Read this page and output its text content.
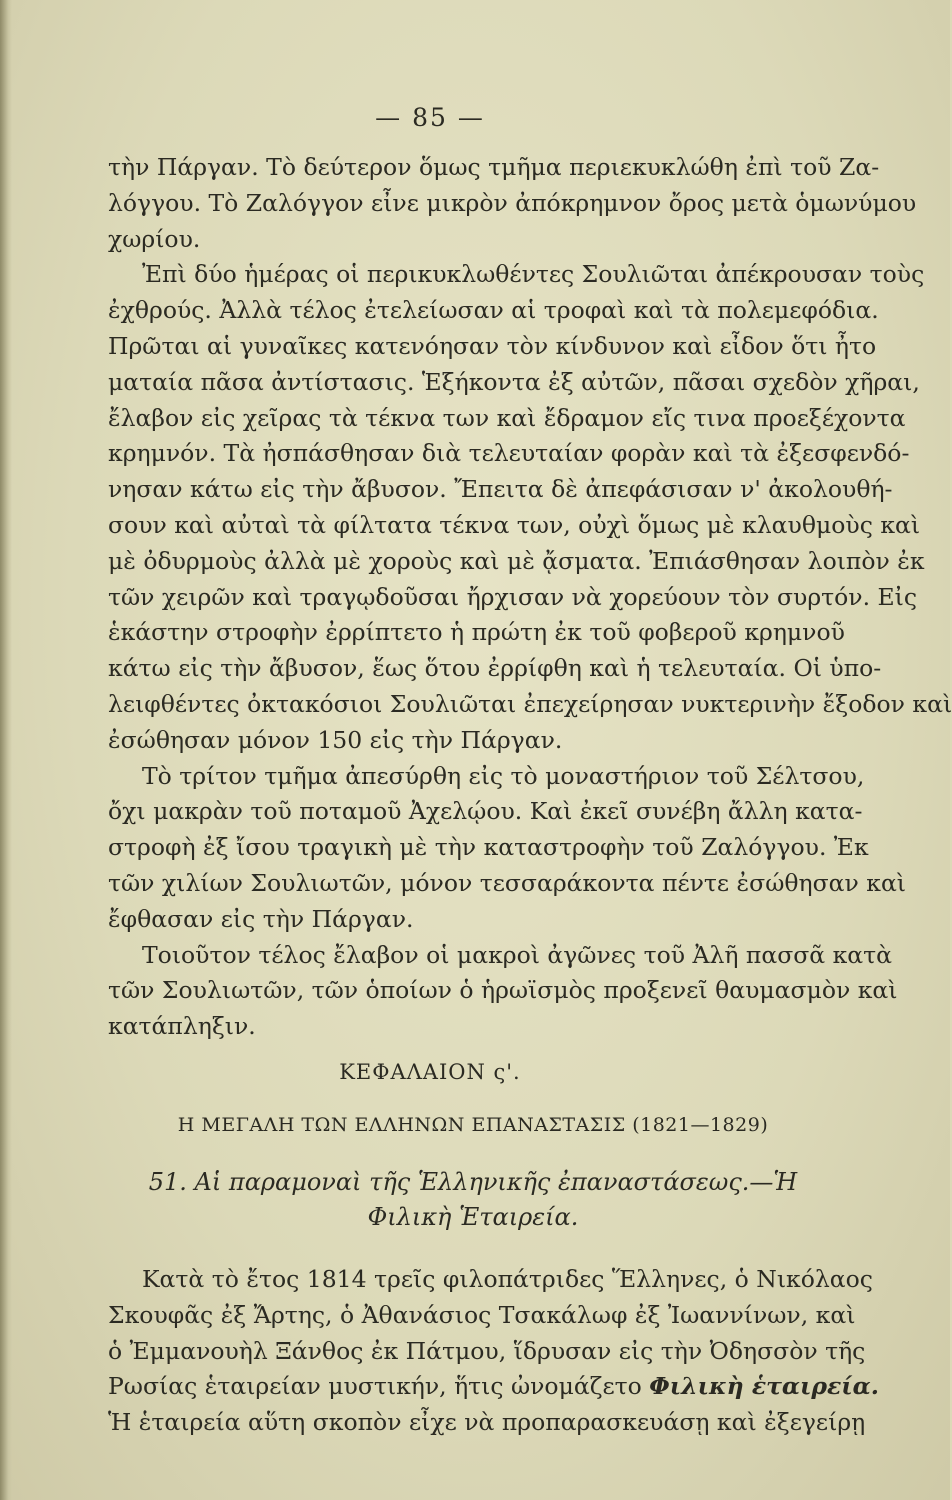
— 85 —

τὴν Πάργαν. Τὸ δεύτερον ὅμως τμῆμα περιεκυκλώθη ἐπὶ τοῦ Ζα-
λόγγου. Τὸ Ζαλόγγον εἶνε μικρὸν ἀπόκρημνον ὄρος μετὰ ὁμωνύμου
χωρίου.

Ἐπὶ δύο ἡμέρας οἱ περικυκλωθέντες Σουλιῶται ἀπέκρουσαν τοὺς
ἐχθρούς. Ἀλλὰ τέλος ἐτελείωσαν αἱ τροφαὶ καὶ τὰ πολεμεφόδια.
Πρῶται αἱ γυναῖκες κατενόησαν τὸν κίνδυνον καὶ εἶδον ὅτι ἦτο
ματαία πᾶσα ἀντίστασις. Ἑξήκοντα ἐξ αὐτῶν, πᾶσαι σχεδὸν χῆραι,
ἔλαβον εἰς χεῖρας τὰ τέκνα των καὶ ἔδραμον εἴς τινα προεξέχοντα
κρημνόν. Τὰ ἠσπάσθησαν διὰ τελευταίαν φορὰν καὶ τὰ ἐξεσφενδό-
νησαν κάτω εἰς τὴν ἄβυσον. Ἔπειτα δὲ ἀπεφάσισαν ν' ἀκολουθή-
σουν καὶ αὐταὶ τὰ φίλτατα τέκνα των, οὐχὶ ὅμως μὲ κλαυθμοὺς καὶ
μὲ ὀδυρμοὺς ἀλλὰ μὲ χοροὺς καὶ μὲ ᾄσματα. Ἐπιάσθησαν λοιπὸν ἐκ
τῶν χειρῶν καὶ τραγῳδοῦσαι ἤρχισαν νὰ χορεύουν τὸν συρτόν. Εἰς
ἑκάστην στροφὴν ἐρρίπτετο ἡ πρώτη ἐκ τοῦ φοβεροῦ κρημνοῦ
κάτω εἰς τὴν ἄβυσον, ἕως ὅτου ἐρρίφθη καὶ ἡ τελευταία. Οἱ ὑπο-
λειφθέντες ὀκτακόσιοι Σουλιῶται ἐπεχείρησαν νυκτερινὴν ἔξοδον καὶ
ἐσώθησαν μόνον 150 εἰς τὴν Πάργαν.

Τὸ τρίτον τμῆμα ἀπεσύρθη εἰς τὸ μοναστήριον τοῦ Σέλτσου,
ὄχι μακρὰν τοῦ ποταμοῦ Ἀχελῴου. Καὶ ἐκεῖ συνέβη ἄλλη κατα-
στροφὴ ἐξ ἴσου τραγικὴ μὲ τὴν καταστροφὴν τοῦ Ζαλόγγου. Ἐκ
τῶν χιλίων Σουλιωτῶν, μόνον τεσσαράκοντα πέντε ἐσώθησαν καὶ
ἔφθασαν εἰς τὴν Πάργαν.

Τοιοῦτον τέλος ἔλαβον οἱ μακροὶ ἀγῶνες τοῦ Ἀλῆ πασσᾶ κατὰ
τῶν Σουλιωτῶν, τῶν ὁποίων ὁ ἡρωϊσμὸς προξενεῖ θαυμασμὸν καὶ
κατάπληξιν.

ΚΕΦΑΛΑΙΟΝ ς'.
Η ΜΕΓΑΛΗ ΤΩΝ ΕΛΛΗΝΩΝ ΕΠΑΝΑΣΤΑΣΙΣ (1821—1829)
51. Αἱ παραμοναὶ τῆς Ἑλληνικῆς ἐπαναστάσεως.—Ἡ
Φιλικὴ Ἑταιρεία.

Κατὰ τὸ ἔτος 1814 τρεῖς φιλοπάτριδες Ἕλληνες, ὁ Νικόλαος
Σκουφᾶς ἐξ Ἄρτης, ὁ Ἀθανάσιος Τσακάλωφ ἐξ Ἰωαννίνων, καὶ
ὁ Ἐμμανουὴλ Ξάνθος ἐκ Πάτμου, ἵδρυσαν εἰς τὴν Ὀδησσὸν τῆς
Ρωσίας ἑταιρείαν μυστικήν, ἥτις ὠνομάζετο Φιλικὴ ἑταιρεία.
Ἡ ἑταιρεία αὕτη σκοπὸν εἶχε νὰ προπαρασκευάσῃ καὶ ἐξεγείρῃ
